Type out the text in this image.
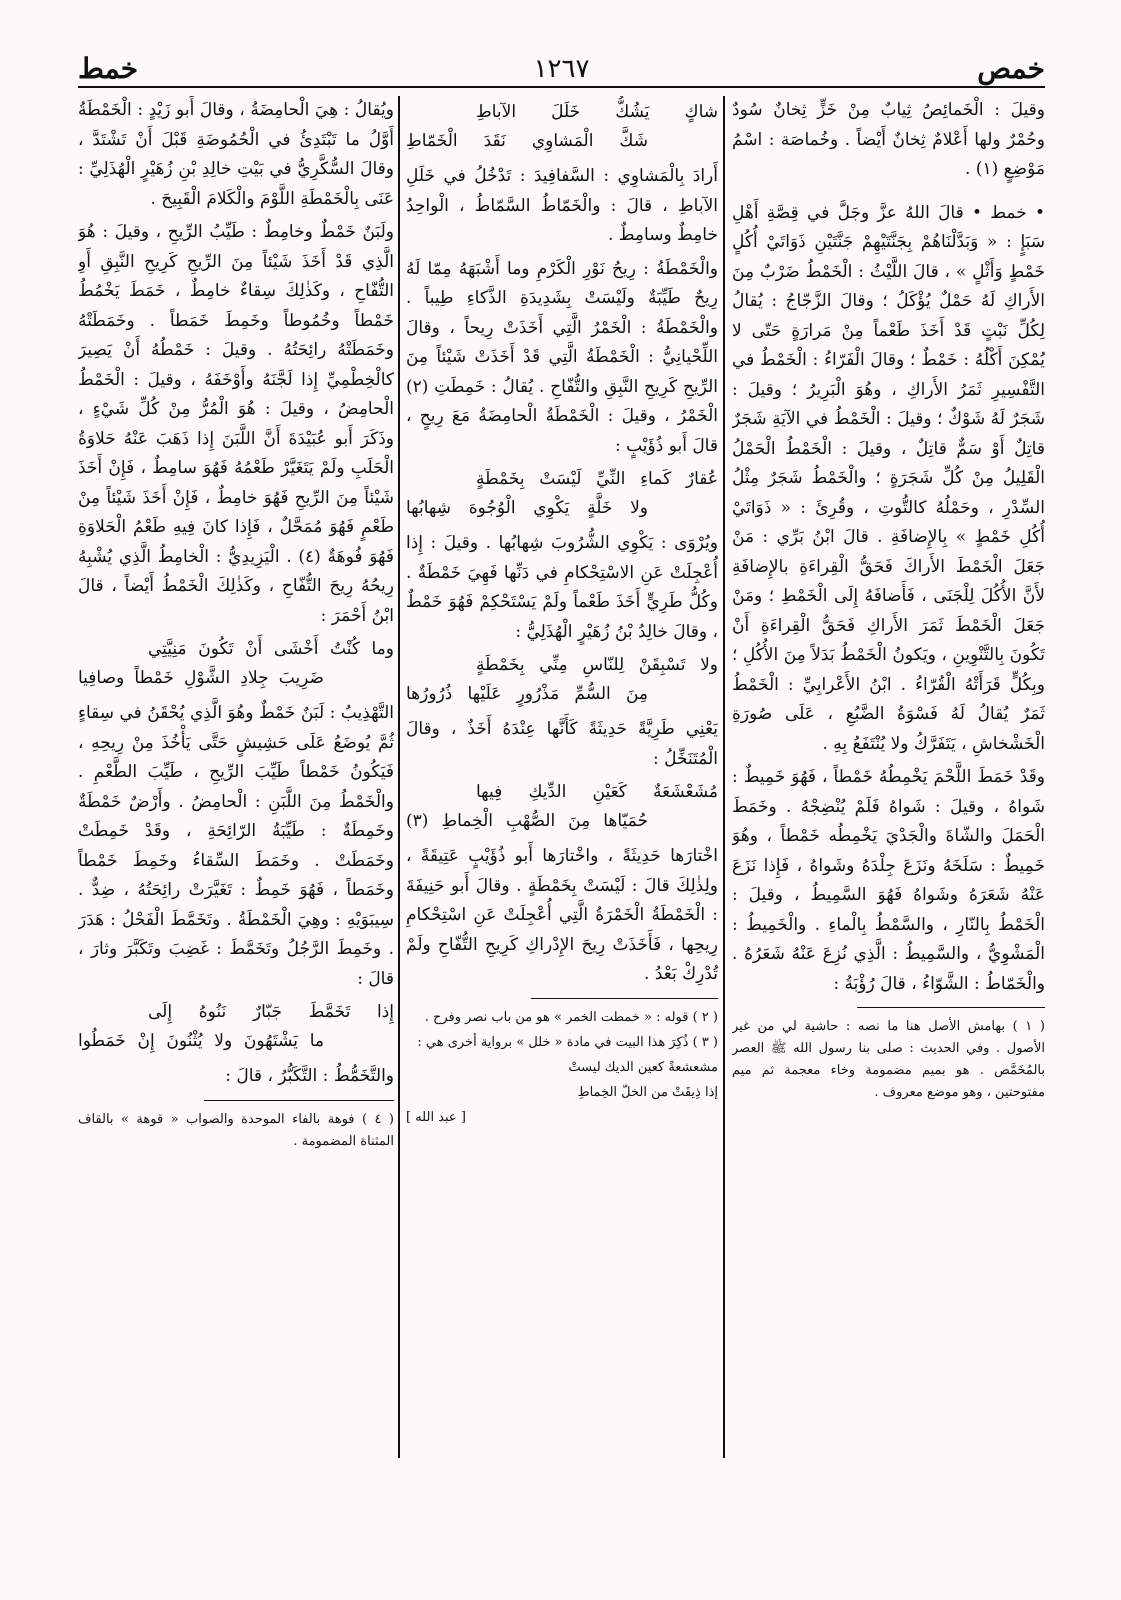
خمص
١٢٦٧
خمط

وقيلَ : الْخَمائِصُ ثِيابٌ مِنْ خَزٍّ ثِخانٌ سُودٌ وحُمْرٌ ولها أَعْلامٌ ثِخانٌ أَيْضاً . وخُماصَة : اسْمُ مَوْضِعٍ (١) .

• خمط • قالَ اللهُ عزَّ وجَلَّ في قِصَّةِ أَهْلِ سَبَإٍ : « وَبَدَّلْنَاهُمْ بِجَنَّتَيْهِمْ جَنَّتَيْنِ ذَوَاتَيْ أُكُلٍ خَمْطٍ وَأَثْلٍ » ، قالَ اللَّيْثُ : الْخَمْطُ ضَرْبٌ مِنَ الأَراكِ لَهُ حَمْلٌ يُؤْكَلُ ؛ وقالَ الزَّجّاجُ : يُقالُ لِكُلِّ نَبْتٍ قَدْ أَخَذَ طَعْماً مِنْ مَرارَةٍ حَتّى لا يُمْكِنَ أَكْلُهُ : خَمْطٌ ؛ وقالَ الْفَرّاءُ : الْخَمْطُ في التَّفْسِيرِ ثَمَرُ الأَراكِ ، وهُوَ الْبَرِيرُ ؛ وقيلَ : شَجَرٌ لَهُ شَوْكٌ ؛ وقيلَ : الْخَمْطُ في الآيَةِ شَجَرٌ قاتِلٌ أَوْ سَمٌّ قاتِلٌ ، وقيلَ : الْخَمْطُ الْحَمْلُ الْقَلِيلُ مِنْ كُلِّ شَجَرَةٍ ؛ والْخَمْطُ شَجَرٌ مِثْلُ السِّدْرِ ، وحَمْلُهُ كالتُّوتِ ، وقُرِئَ : « ذَوَاتَيْ أُكُلِ خَمْطٍ » بِالإِضافَةِ . قالَ ابْنُ بَرِّي : مَنْ جَعَلَ الْخَمْطَ الأَراكَ فَحَقُّ الْقِراءَةِ بالإِضافَةِ لأَنَّ الأُكُلَ لِلْجَنَى ، فَأَضافَهُ إِلَى الْخَمْطِ ؛ ومَنْ جَعَلَ الْخَمْطَ ثَمَرَ الأَراكِ فَحَقُّ الْقِراءَةِ أَنْ تَكُونَ بِالتَّنْوِينِ ، ويَكونُ الْخَمْطُ بَدَلاً مِنَ الأُكُلِ ؛ وبِكُلٍّ قَرَأَتْهُ الْقُرّاءُ . ابْنُ الأَعْرابِيِّ : الْخَمْطُ ثَمَرٌ يُقالُ لَهُ فَسْوَةُ الضَّبُعِ ، عَلَى صُورَةِ الْخَشْخاشِ ، يَتَفَرَّكُ ولا يُنْتَفَعُ بِهِ .

وقَدْ خَمَطَ اللَّحْمَ يَخْمِطُهُ خَمْطاً ، فَهُوَ خَمِيطٌ : شَواهُ ، وقيلَ : شَواهُ فَلَمْ يُنْضِجْهُ . وخَمَطَ الْحَمَلَ والشّاةَ والْجَدْيَ يَخْمِطُه خَمْطاً ، وهُوَ خَمِيطٌ : سَلَخَهُ ونَزَعَ جِلْدَهُ وشَواهُ ، فَإِذا نَزَعَ عَنْهُ شَعَرَهُ وشَواهُ فَهُوَ السَّمِيطُ ، وقيلَ : الْخَمْطُ بِالنّارِ ، والسَّمْطُ بِالْماءِ . والْخَمِيطُ : الْمَشْوِيُّ ، والسَّمِيطُ : الَّذِي نُزِعَ عَنْهُ شَعَرُهُ . والْخَمّاطُ : الشَّوّاءُ ، قالَ رُؤْبَةُ :

( ١ ) بهامش الأصل هنا ما نصه : حاشية لي من غير الأصول . وفي الحديث : صلى بنا رسول الله ﷺ العصر بالمُخَمَّص . هو بميم مضمومة وخاء معجمة ثم ميم مفتوحتين ، وهو موضع معروف .

شاكٍ يَشُكُّ خَلَلَ الآباطِ
شَكَّ الْمَشاوِي نَقَدَ الْخَمّاطِ

أَرادَ بِالْمَشاوِي : السَّفافِيدَ : تَدْخُلُ في خَلَلِ الآباطِ ، قالَ : والْخَمّاطُ السَّمّاطُ ، الْواحِدُ خامِطٌ وسامِطٌ .

والْخَمْطَةُ : رِيحُ نَوْرِ الْكَرْمِ وما أَشْبَهَهُ مِمّا لَهُ رِيحٌ طَيِّبَةٌ ولَيْسَتْ بِشَدِيدَةِ الذَّكاءِ طِيباً . والْخَمْطَةُ : الْخَمْرُ الَّتِي أَخَذَتْ رِيحاً ، وقالَ اللِّحْيانِيُّ : الْخَمْطَةُ الَّتِي قَدْ أَخَذَتْ شَيْئاً مِنَ الرِّيحِ كَرِيحِ النَّبِقِ والتُّفّاحِ . يُقالُ : خَمِطَتِ (٢) الْخَمْرُ ، وقيلَ : الْخَمْطَةُ الْحامِضَةُ مَعَ رِيحٍ ، قالَ أَبو ذُؤَيْبٍ :

عُقارٌ كَماءِ النِّيِّ لَيْسَتْ بِخَمْطَةٍ
ولا خَلَّةٍ يَكْوِي الْوُجُوهَ شِهابُها

ويُرْوَى : يَكْوِي الشُّرُوبَ شِهابُها . وقيلَ : إِذا أُعْجِلَتْ عَنِ الاسْتِحْكامِ في دَنِّها فَهِيَ خَمْطَةٌ . وكُلُّ طَرِيٍّ أَخَذَ طَعْماً ولَمْ يَسْتَحْكِمْ فَهُوَ خَمْطٌ ، وقالَ خالِدُ بْنُ زُهَيْرٍ الْهُذَلِيُّ :

ولا تَسْبِقَنْ لِلنّاسِ مِنِّي بِخَمْطَةٍ
مِنَ السُّمِّ مَذْرُورٍ عَلَيْها ذُرُورُها

يَعْنِي طَرِيَّةً حَدِيثَةً كَأَنَّها عِنْدَهُ أَخَذٌ ، وقالَ الْمُتَنَخِّلُ :

مُشَعْشَعَةٌ كَعَيْنِ الدِّيكِ فِيها
حُمَيّاها مِنَ الصُّهْبِ الْخِماطِ (٣)

اخْتارَها حَدِيثَةً ، واخْتارَها أَبو ذُؤَيْبٍ عَتِيقَةً ، ولِذٰلِكَ قالَ : لَيْسَتْ بِخَمْطَةٍ . وقالَ أَبو حَنِيفَةَ : الْخَمْطَةُ الْخَمْرَةُ الَّتِي أُعْجِلَتْ عَنِ اسْتِحْكامِ رِيحِها ، فَأَخَذَتْ رِيحَ الإِدْراكِ كَرِيحِ التُّفّاحِ ولَمْ تُدْرِكْ بَعْدُ .

( ٢ ) قوله : « خمطت الخمر » هو من باب نصر وفرح .

( ٣ ) ذُكِرَ هذا البيت في مادة « خلل » برواية أخرى هي :

مشعشعةً كعين الديك ليستْ

إذا ذِيقَتْ من الخلّ الخِماطِ

[ عبد الله ]

ويُقالُ : هِيَ الْحامِضَةُ ، وقالَ أَبو زَيْدٍ : الْخَمْطَةُ أَوَّلُ ما تَبْتَدِئُ في الْحُمُوضَةِ قَبْلَ أَنْ تَشْتَدَّ ، وقالَ السُّكَّرِيُّ في بَيْتِ خالِدِ بْنِ زُهَيْرٍ الْهُذَلِيِّ : عَنَى بِالْخَمْطَةِ اللَّوْمَ والْكَلامَ الْقَبِيحَ .

ولَبَنٌ خَمْطٌ وخامِطٌ : طَيِّبُ الرِّيحِ ، وقيلَ : هُوَ الَّذِي قَدْ أَخَذَ شَيْئاً مِنَ الرِّيحِ كَرِيحِ النَّبِقِ أَوِ التُّفّاحِ ، وكَذٰلِكَ سِقاءٌ خامِطٌ ، خَمَطَ يَخْمُطُ خَمْطاً وخُمُوطاً وخَمِطَ خَمَطاً . وخَمَطَتْهُ وخَمَطَتْهُ رائِحَتُهُ . وقيلَ : خَمْطُهُ أَنْ يَصِيرَ كالْخِطْمِيِّ إِذا لَجَّنَهُ وأَوْخَفَهُ ، وقيلَ : الْخَمْطُ الْحامِضُ ، وقيلَ : هُوَ الْمُرُّ مِنْ كُلِّ شَيْءٍ ، وذَكَرَ أَبو عُبَيْدَةَ أَنَّ اللَّبَنَ إِذا ذَهَبَ عَنْهُ حَلاوَةُ الْحَلَبِ ولَمْ يَتَغَيَّرْ طَعْمُهُ فَهُوَ سامِطٌ ، فَإِنْ أَخَذَ شَيْئاً مِنَ الرِّيحِ فَهُوَ خامِطٌ ، فَإِنْ أَخَذَ شَيْئاً مِنْ طَعْمٍ فَهُوَ مُمَحَّلٌ ، فَإِذا كانَ فِيهِ طَعْمُ الْحَلاوَةِ فَهُوَ فُوهَةٌ (٤) . الْيَزِيدِيُّ : الْخامِطُ الَّذِي يُشْبِهُ رِيحُهُ رِيحَ التُّفّاحِ ، وكَذٰلِكَ الْخَمْطُ أَيْضاً ، قالَ ابْنُ أَحْمَرَ :

وما كُنْتُ أَخْشَى أَنْ تَكُونَ مَنِيَّتِي
ضَرِيبَ جِلادِ الشَّوْلِ خَمْطاً وصافِيا

التَّهْذِيبُ : لَبَنٌ خَمْطٌ وهُوَ الَّذِي يُحْقَنُ في سِقاءٍ ثُمَّ يُوضَعُ عَلَى حَشِيشٍ حَتَّى يَأْخُذَ مِنْ رِيحِهِ ، فَيَكُونُ خَمْطاً طَيِّبَ الرِّيحِ ، طَيِّبَ الطَّعْمِ . والْخَمْطُ مِنَ اللَّبَنِ : الْحامِضُ . وأَرْضٌ خَمْطَةٌ وخَمِطَةٌ : طَيِّبَةُ الرّائِحَةِ ، وقَدْ خَمِطَتْ وخَمَطَتْ . وخَمَطَ السِّقاءُ وخَمِطَ خَمْطاً وخَمَطاً ، فَهُوَ خَمِطٌ : تَغَيَّرَتْ رائِحَتُهُ ، ضِدٌّ . سِيبَوَيْهِ : وهِيَ الْخَمْطَةُ . وتَخَمَّطَ الْفَحْلُ : هَدَرَ . وخَمِطَ الرَّجُلُ وتَخَمَّطَ : غَضِبَ وتَكَبَّرَ وثارَ ، قالَ :

إِذا تَخَمَّطَ جَبّارٌ نَنُوهُ إِلَى
ما يَشْتَهُونَ ولا يُثْنُونَ إِنْ خَمَطُوا

والتَّخَمُّطُ : التَّكَبُّرُ ، قالَ :

( ٤ ) فوهة بالفاء الموحدة والصواب « قوهة » بالقاف المثناة المضمومة .
